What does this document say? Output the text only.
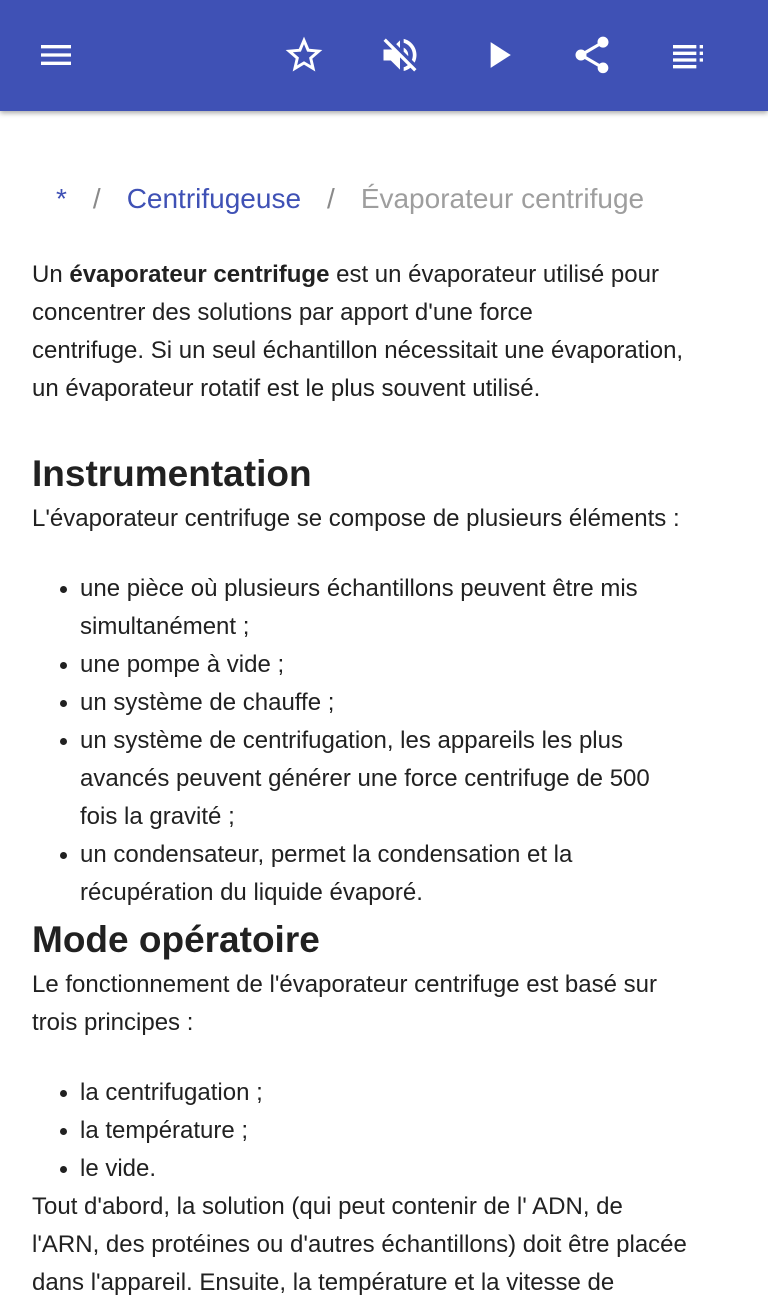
* / Centrifugeuse / Évaporateur centrifuge

Un évaporateur centrifuge est un évaporateur utilisé pour
concentrer des solutions par apport d'une force
centrifuge. Si un seul échantillon nécessitait une évaporation,
un évaporateur rotatif est le plus souvent utilisé.

Instrumentation

L'évaporateur centrifuge se compose de plusieurs éléments :

• une pièce où plusieurs échantillons peuvent être mis
simultanément ;
• une pompe à vide ;
• un système de chauffe ;
• un système de centrifugation, les appareils les plus
avancés peuvent générer une force centrifuge de 500
fois la gravité ;
• un condensateur, permet la condensation et la
récupération du liquide évaporé.
Mode opératoire

Le fonctionnement de l'évaporateur centrifuge est basé sur
trois principes :

• la centrifugation ;
• la température ;
• le vide.

Tout d'abord, la solution (qui peut contenir de l' ADN, de
l'ARN, des protéines ou d'autres échantillons) doit être placée
dans l'appareil. Ensuite, la température et la vitesse de
